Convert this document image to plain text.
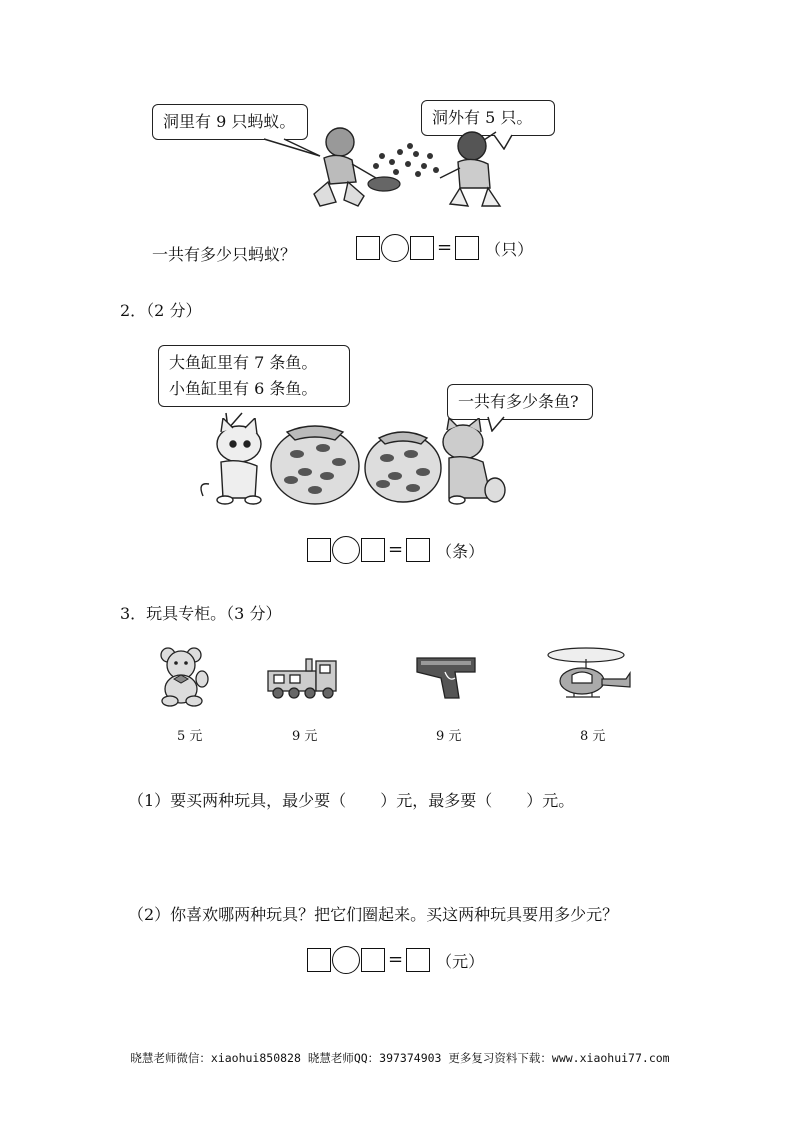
洞里有 9 只蚂蚁。	洞外有 5 只。
一共有多少只蚂蚁？	= （只）
2．（2 分）
大鱼缸里有 7 条鱼。
小鱼缸里有 6 条鱼。
一共有多少条鱼?
= （条）
3．玩具专柜。（3 分）
5 元	9 元	9 元	8 元
（1）要买两种玩具，最少要（ ）元，最多要（ ）元。
（2）你喜欢哪两种玩具？把它们圈起来。买这两种玩具要用多少元？
= （元）
晓慧老师微信：xiaohui850828 晓慧老师QQ：397374903 更多复习资料下载：www.xiaohui77.com
